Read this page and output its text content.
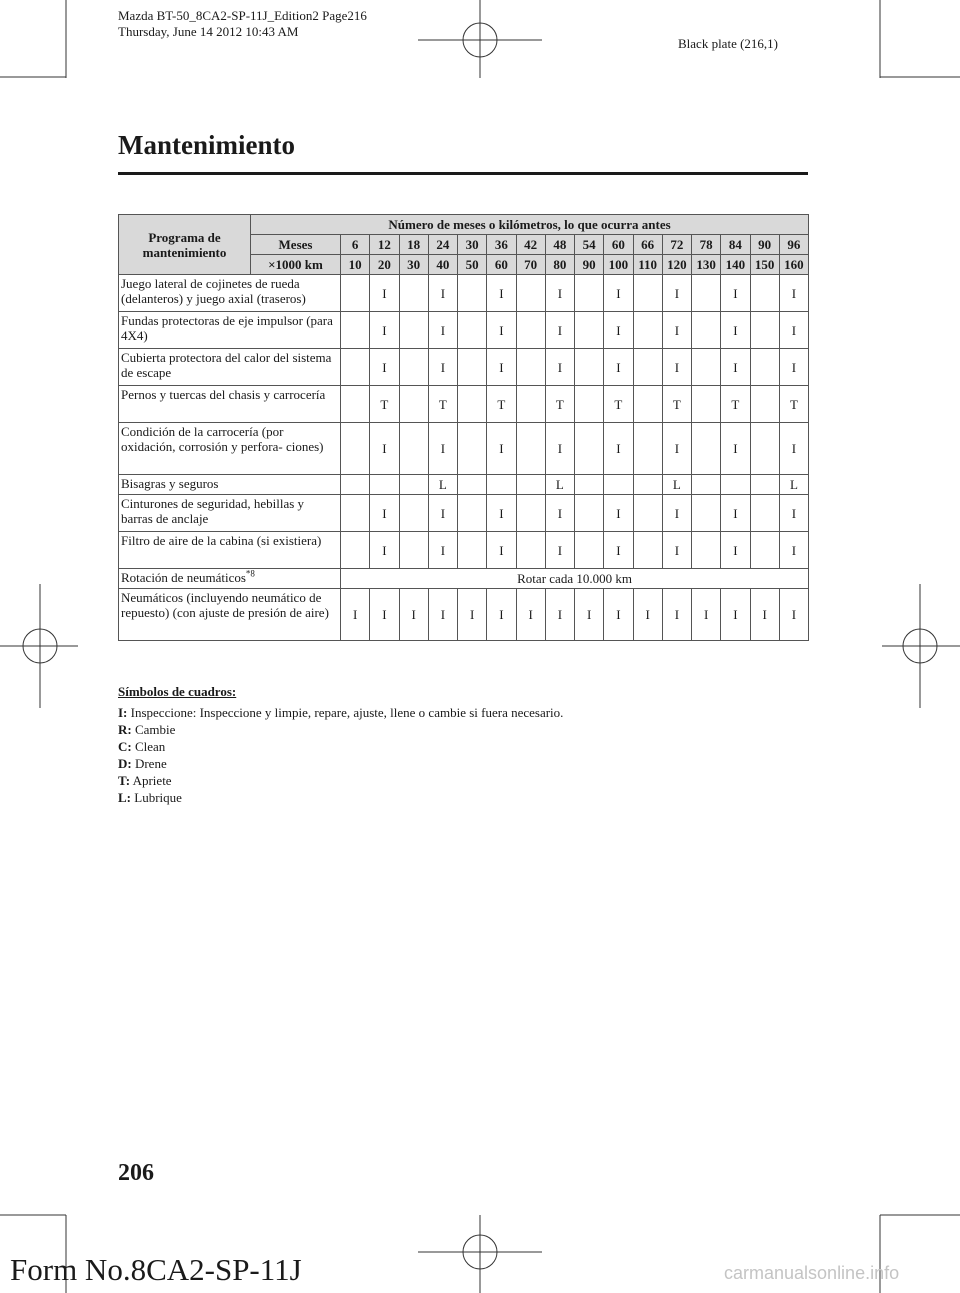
Mazda BT-50_8CA2-SP-11J_Edition2 Page216
Thursday, June 14 2012 10:43 AM
Black plate (216,1)
Mantenimiento
Programa de mantenimiento	Número de meses o kilómetros, lo que ocurra antes																
	Meses	6	12	18	24	30	36	42	48	54	60	66	72	78	84	90	96
	×1000 km	10	20	30	40	50	60	70	80	90	100	110	120	130	140	150	160
Juego lateral de cojinetes de rueda (delanteros) y juego axial (traseros)			I		I		I		I		I		I		I		I
Fundas protectoras de eje impulsor (para 4X4)			I		I		I		I		I		I		I		I
Cubierta protectora del calor del sistema de escape			I		I		I		I		I		I		I		I
Pernos y tuercas del chasis y carrocería			T		T		T		T		T		T		T		T
Condición de la carrocería (por oxidación, corrosión y perfora- ciones)			I		I		I		I		I		I		I		I
Bisagras y seguros					L				L				L				L
Cinturones de seguridad, hebillas y barras de anclaje			I		I		I		I		I		I		I		I
Filtro de aire de la cabina (si existiera)			I		I		I		I		I		I		I		I
Rotación de neumáticos$^{*8}$		Rotar cada 10.000 km															
Neumáticos (incluyendo neumático de repuesto) (con ajuste de presión de aire)		I	I	I	I	I	I	I	I	I	I	I	I	I	I	I	I
Símbolos de cuadros:
I: Inspeccione: Inspeccione y limpie, repare, ajuste, llene o cambie si fuera necesario.
R: Cambie
C: Clean
D: Drene
T: Apriete
L: Lubrique
206
Form No.8CA2-SP-11J	carmanualsonline.info
